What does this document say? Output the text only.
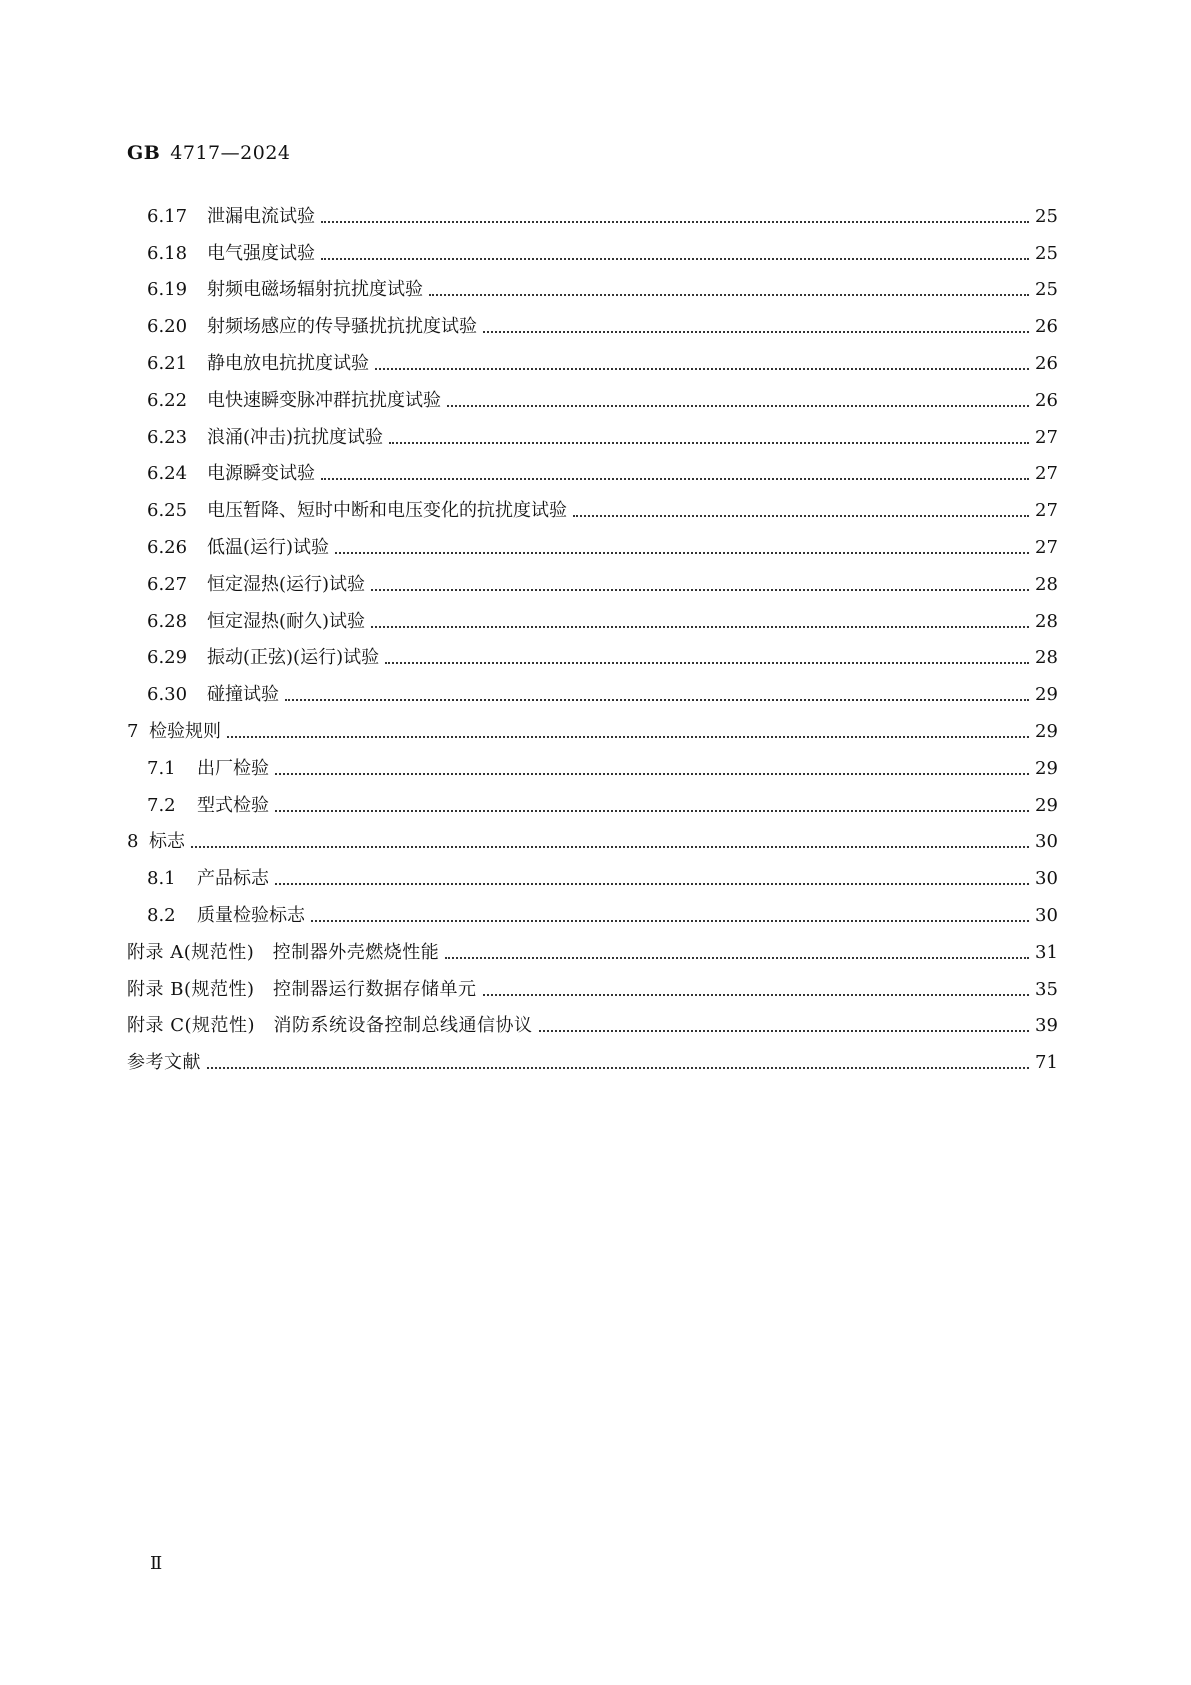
GB 4717—2024
6.17	泄漏电流试验	25
6.18	电气强度试验	25
6.19	射频电磁场辐射抗扰度试验	25
6.20	射频场感应的传导骚扰抗扰度试验	26
6.21	静电放电抗扰度试验	26
6.22	电快速瞬变脉冲群抗扰度试验	26
6.23	浪涌(冲击)抗扰度试验	27
6.24	电源瞬变试验	27
6.25	电压暂降、短时中断和电压变化的抗扰度试验	27
6.26	低温(运行)试验	27
6.27	恒定湿热(运行)试验	28
6.28	恒定湿热(耐久)试验	28
6.29	振动(正弦)(运行)试验	28
6.30	碰撞试验	29
7 检验规则	29
7.1	出厂检验	29
7.2	型式检验	29
8 标志	30
8.1	产品标志	30
8.2	质量检验标志	30
附录 A(规范性)　控制器外壳燃烧性能	31
附录 B(规范性)　控制器运行数据存储单元	35
附录 C(规范性)　消防系统设备控制总线通信协议	39
参考文献	71
Ⅱ
